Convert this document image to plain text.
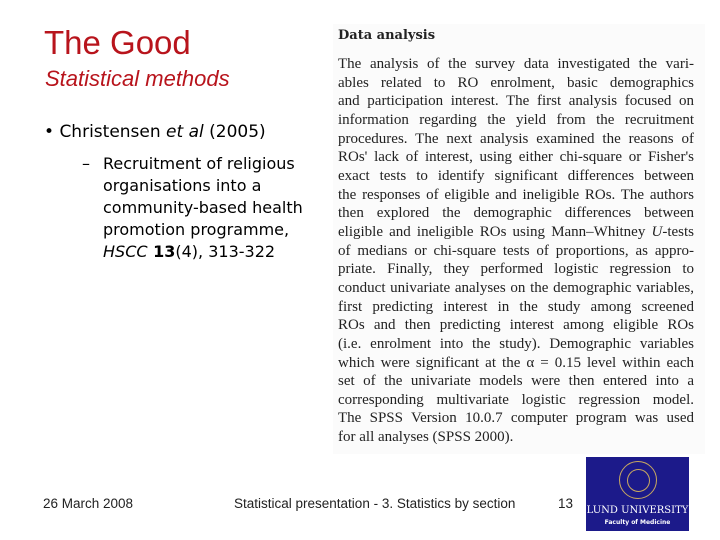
The Good
Statistical methods
• Christensen et al (2005)
– Recruitment of religious organisations into a community-based health promotion programme, HSCC 13(4), 313-322
Data analysis
The analysis of the survey data investigated the vari-
ables related to RO enrolment, basic demographics
and participation interest. The first analysis focused on
information regarding the yield from the recruitment
procedures. The next analysis examined the reasons of
ROs' lack of interest, using either chi-square or Fisher's
exact tests to identify significant differences between
the responses of eligible and ineligible ROs. The authors
then explored the demographic differences between
eligible and ineligible ROs using Mann–Whitney U-tests
of medians or chi-square tests of proportions, as appro-
priate. Finally, they performed logistic regression to
conduct univariate analyses on the demographic variables,
first predicting interest in the study among screened
ROs and then predicting interest among eligible ROs
(i.e. enrolment into the study). Demographic variables
which were significant at the α = 0.15 level within each
set of the univariate models were then entered into a
corresponding multivariate logistic regression model.
The SPSS Version 10.0.7 computer program was used
for all analyses (SPSS 2000).
26 March 2008	Statistical presentation - 3. Statistics by section	13 LUND UNIVERSITY
Faculty of Medicine
